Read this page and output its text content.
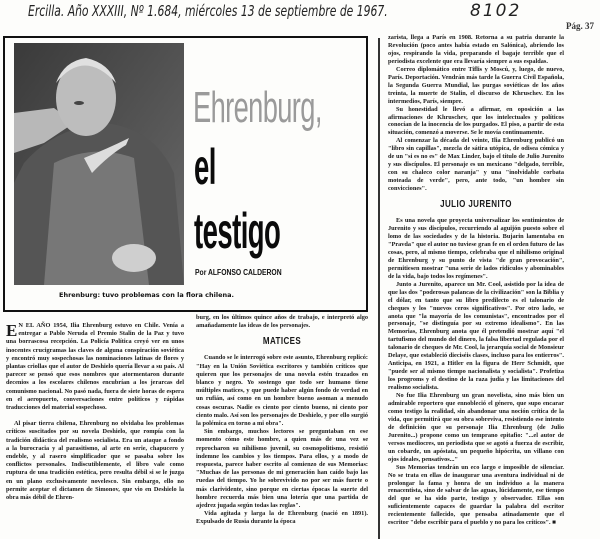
Ercilla. Año XXXIII, Nº 1.684, miércoles 13 de septiembre de 1967.	8102
Pág. 37
Ehrenburg,
el
testigo
Por ALFONSO CALDERON
Ehrenburg: tuvo problemas con la flora chilena.

E N EL AÑO 1954, Ilia Ehrenburg estuvo en Chile. Venía a entregar a Pablo Neruda el Premio Stalin de la Paz y tuvo una borrascosa recepción. La Policía Política creyó ver en unos inocentes crucigramas las claves de alguna conspiración soviética y encontró muy sospechosas las nominaciones latinas de flores y plantas criollas que el autor de Deshielo quería llevar a su país. Al parecer se pensó que esos nombres que atormentaron durante decenios a los escolares chilenos encubrían a los jerarcas del comunismo nacional. No pasó nada, fuera de siete horas de espera en el aeropuerto, conversaciones entre políticos y rápidas traducciones del material sospechoso.

Al pisar tierra chilena, Ehrenburg no olvidaba los problemas críticos suscitados por su novela Deshielo, que rompía con la tradición didáctica del realismo socialista. Era un ataque a fondo a la burocracia y al parasitismo, al arte en serie, chapucero y endeble, y al rasero simplificador que se pasaba sobre los conflictos personales. Indiscutiblemente, el libro vale como ruptura de una tradición estética, pero resulta débil si se le juzga en un plano exclusivamente novelesco. Sin embargo, ello no permite aceptar el dictamen de Simonov, que vio en Deshielo la obra más débil de Ehren-

burg, en los últimos quince años de trabajo, e interpretó algo amañadamente las ideas de los personajes.

MATICES

Cuando se le interrogó sobre este asunto, Ehrenburg replicó: "Hay en la Unión Soviética escritores y también críticos que quieren que los personajes de una novela estén trazados en blanco y negro. Yo sostengo que todo ser humano tiene múltiples matices, y que puede haber algún fondo de verdad en un rufián, así como en un hombre bueno asoman a menudo cosas oscuras. Nadie es ciento por ciento bueno, ni ciento por ciento malo. Así son los personajes de Deshielo, y por ello surgió la polémica en torno a mi obra".

Sin embargo, muchos lectores se preguntaban en ese momento cómo este hombre, a quien más de una vez se reprocharon su nihilismo juvenil, su cosmopolitismo, resistió indemne los cambios y los tiempos. Para ellos, y a modo de respuesta, parece haber escrito al comienzo de sus Memorias: "Muchas de las personas de mi generación han caído bajo las ruedas del tiempo. Yo he sobrevivido no por ser más fuerte o más clarividente, sino porque en ciertas épocas la suerte del hombre recuerda más bien una lotería que una partida de ajedrez jugada según todas las reglas".

Vida agitada y larga la de Ehrenburg (nació en 1891). Expulsado de Rusia durante la época

zarista, llega a París en 1908. Retorna a su patria durante la Revolución (poco antes había estado en Salónica), abriendo los ojos, respirando la vida, preparando el bagaje terrible que el periodista excelente que era llevaría siempre a sus espaldas.

Correo diplomático entre Tiflis y Moscú, y, luego, de nuevo, París. Deportación. Vendrán más tarde la Guerra Civil Española, la Segunda Guerra Mundial, las purgas soviéticas de los años treinta, la muerte de Stalin, el discurso de Khruschev. En los intermedios, París, siempre.

Su honestidad le llevó a afirmar, en oposición a las afirmaciones de Khruschev, que los intelectuales y políticos conocían de la inocencia de los purgados. El piso, a partir de esta situación, comenzó a moverse. Se le movía continuamente.

Al comenzar la década del veinte, Ilia Ehrenburg publicó un "libro sin capillas", mezcla de sátira utópica, de odisea cómica y de un "si es no es" de Max Linder, bajo el título de Julio Jurenito y sus discípulos. El personaje es un mexicano "delgado, terrible, con su chaleco color naranja" y una "inolvidable corbata moteada de verde", pero, ante todo, "un hombre sin convicciones".

JULIO JURENITO

Es una novela que proyecta universalizar los sentimientos de Jurenito y sus discípulos, recurriendo al aguijón puesto sobre el lomo de las sociedades y de la historia. Bujarin lamentaba en "Pravda" que el autor no tuviese gran fe en el orden futuro de las cosas, pero, al mismo tiempo, celebraba que el nihilismo original de Ehrenburg y su punto de vista "de gran provocación", permitiesen mostrar "una serie de lados ridículos y abominables de la vida, bajo todos los regímenes".

Junto a Jurenito, aparece un Mr. Cool, asistido por la idea de que las dos "poderosas palancas de la civilización" son la Biblia y el dólar, en tanto que su libro predilecto es el talonario de cheques y los "nuevos ceros significativos". Por otro lado, se anota que "la mayoría de los comunistas", encontrados por el personaje, "se distinguía por su extremo idealismo". En las Memorias, Ehrenburg anota que él pretendió mostrar aquí "el tartufismo del mundo del dinero, la falsa libertad regulada por el talonario de cheques de Mr. Cool, la jerarquía social de Monsieur Delaye, que estableció dieciséis clases, incluso para los entierros". Anticipa, en 1921, a Hitler en la figura de Herr Schmidt, que "puede ser al mismo tiempo nacionalista y socialista". Profetiza los progroms y el destino de la raza judía y las limitaciones del realismo socialista.

No fue Ilia Ehrenburg un gran novelista, sino más bien un admirable reportero que ennobleció el género, que supo encarar como testigo la realidad, sin abandonar una noción crítica de la vida, que permitirá que su obra sobreviva, resistiendo ese intento de definición que su personaje Ilia Ehrenburg (de Julio Jurenito...) propone como un temprano epitafio: "...el autor de versos mediocres, un periodista que se agotó a fuerza de escribir, un cobarde, un apóstata, un pequeño hipócrita, un villano con ojos ideales, pensativos..."

Sus Memorias tendrán un eco largo e imposible de silenciar. No se trata en ellas de inaugurar una aventura individual ni de prolongar la fama y honra de un individuo a la manera renacentista, sino de salvar de las aguas, lúcidamente, ese tiempo del que se ha sido parte, testigo y observador. Ellas son suficientemente capaces de guardar la palabra del escritor recientemente fallecido, que pensaba atinadamente que el escritor "debe escribir para el pueblo y no para los críticos". ■
